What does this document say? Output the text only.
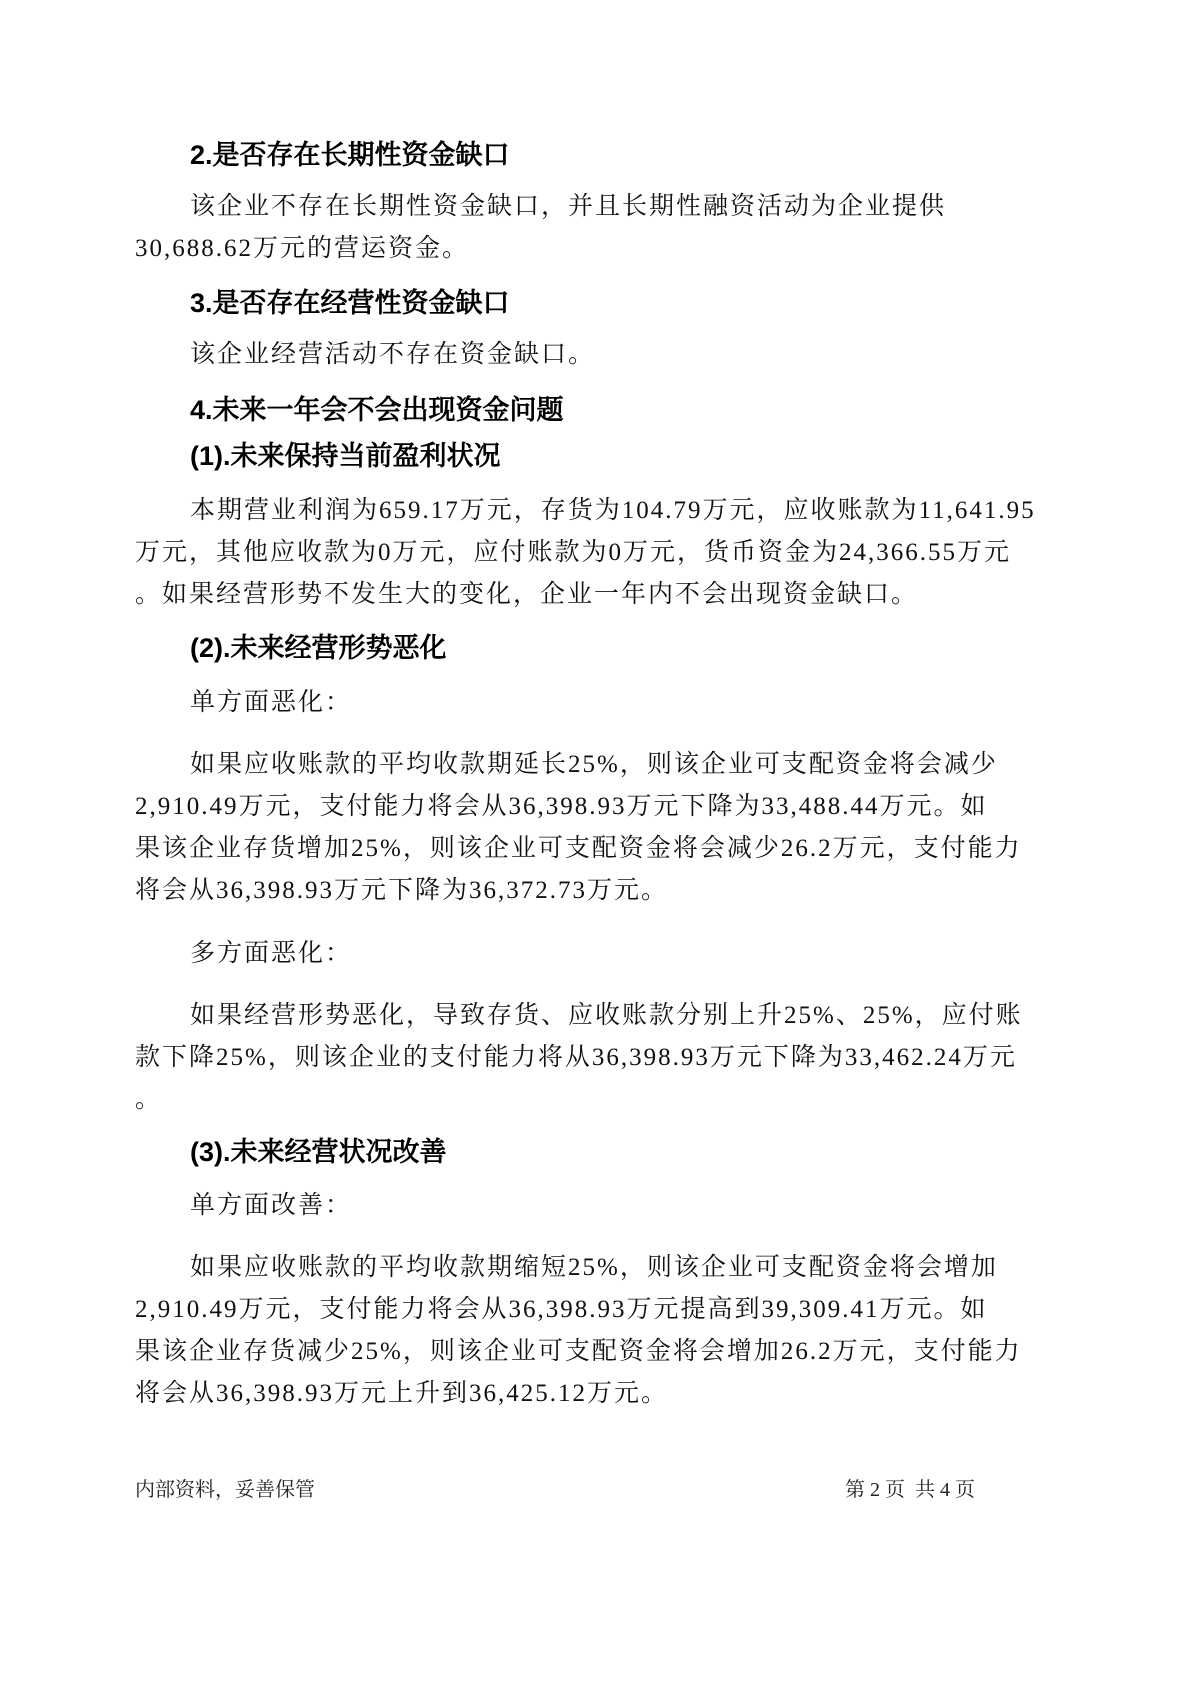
2.是否存在长期性资金缺口
该企业不存在长期性资金缺口，并且长期性融资活动为企业提供
30,688.62万元的营运资金。
3.是否存在经营性资金缺口
该企业经营活动不存在资金缺口。
4.未来一年会不会出现资金问题
(1).未来保持当前盈利状况
本期营业利润为659.17万元，存货为104.79万元，应收账款为11,641.95
万元，其他应收款为0万元，应付账款为0万元，货币资金为24,366.55万元
。如果经营形势不发生大的变化，企业一年内不会出现资金缺口。
(2).未来经营形势恶化
单方面恶化：
如果应收账款的平均收款期延长25%，则该企业可支配资金将会减少
2,910.49万元，支付能力将会从36,398.93万元下降为33,488.44万元。如
果该企业存货增加25%，则该企业可支配资金将会减少26.2万元，支付能力
将会从36,398.93万元下降为36,372.73万元。
多方面恶化：
如果经营形势恶化，导致存货、应收账款分别上升25%、25%，应付账
款下降25%，则该企业的支付能力将从36,398.93万元下降为33,462.24万元
。
(3).未来经营状况改善
单方面改善：
如果应收账款的平均收款期缩短25%，则该企业可支配资金将会增加
2,910.49万元，支付能力将会从36,398.93万元提高到39,309.41万元。如
果该企业存货减少25%，则该企业可支配资金将会增加26.2万元，支付能力
将会从36,398.93万元上升到36,425.12万元。
内部资料，妥善保管	第 2 页  共 4 页
